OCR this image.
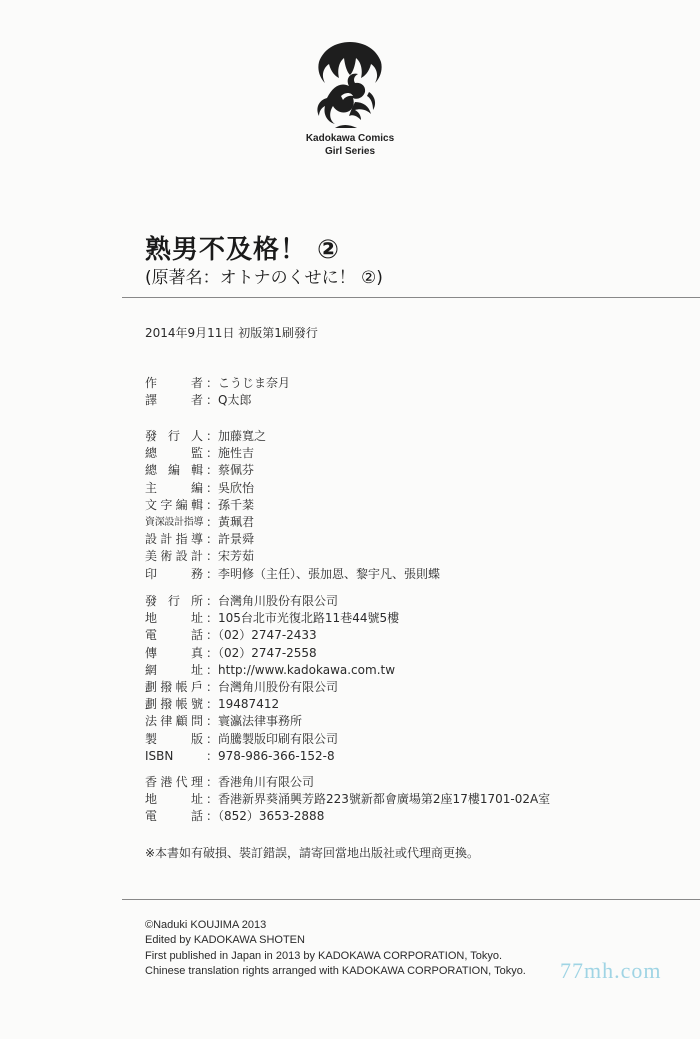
Kadokawa Comics
Girl Series
熟男不及格！ ②
(原著名：オトナのくせに！ ②)
2014年9月11日 初版第1刷發行
作者 ：こうじま奈月
譯者 ：Q太郎
發行人 ：加藤寬之
總監 ：施性吉
總編輯 ：蔡佩芬
主編 ：吳欣怡
文字編輯 ：孫千棻
資深設計指導 ：黃珮君
設計指導 ：許景舜
美術設計 ：宋芳茹
印務 ：李明修（主任）、張加恩、黎宇凡、張則蝶
發行所 ：台灣角川股份有限公司
地址 ：105台北市光復北路11巷44號5樓
電話 ：（02）2747-2433
傳真 ：（02）2747-2558
網址 ：http://www.kadokawa.com.tw
劃撥帳戶 ：台灣角川股份有限公司
劃撥帳號 ：19487412
法律顧問 ：寰瀛法律事務所
製版 ：尚騰製版印刷有限公司
ISBN	：978-986-366-152-8
香港代理 ：香港角川有限公司
地址 ：香港新界葵涌興芳路223號新都會廣場第2座17樓1701-02A室
電話 ：（852）3653-2888
※本書如有破損、裝訂錯誤，請寄回當地出版社或代理商更換。
©Naduki KOUJIMA 2013
Edited by KADOKAWA SHOTEN
First published in Japan in 2013 by KADOKAWA CORPORATION, Tokyo.
Chinese translation rights arranged with KADOKAWA CORPORATION, Tokyo. 77mh.com
